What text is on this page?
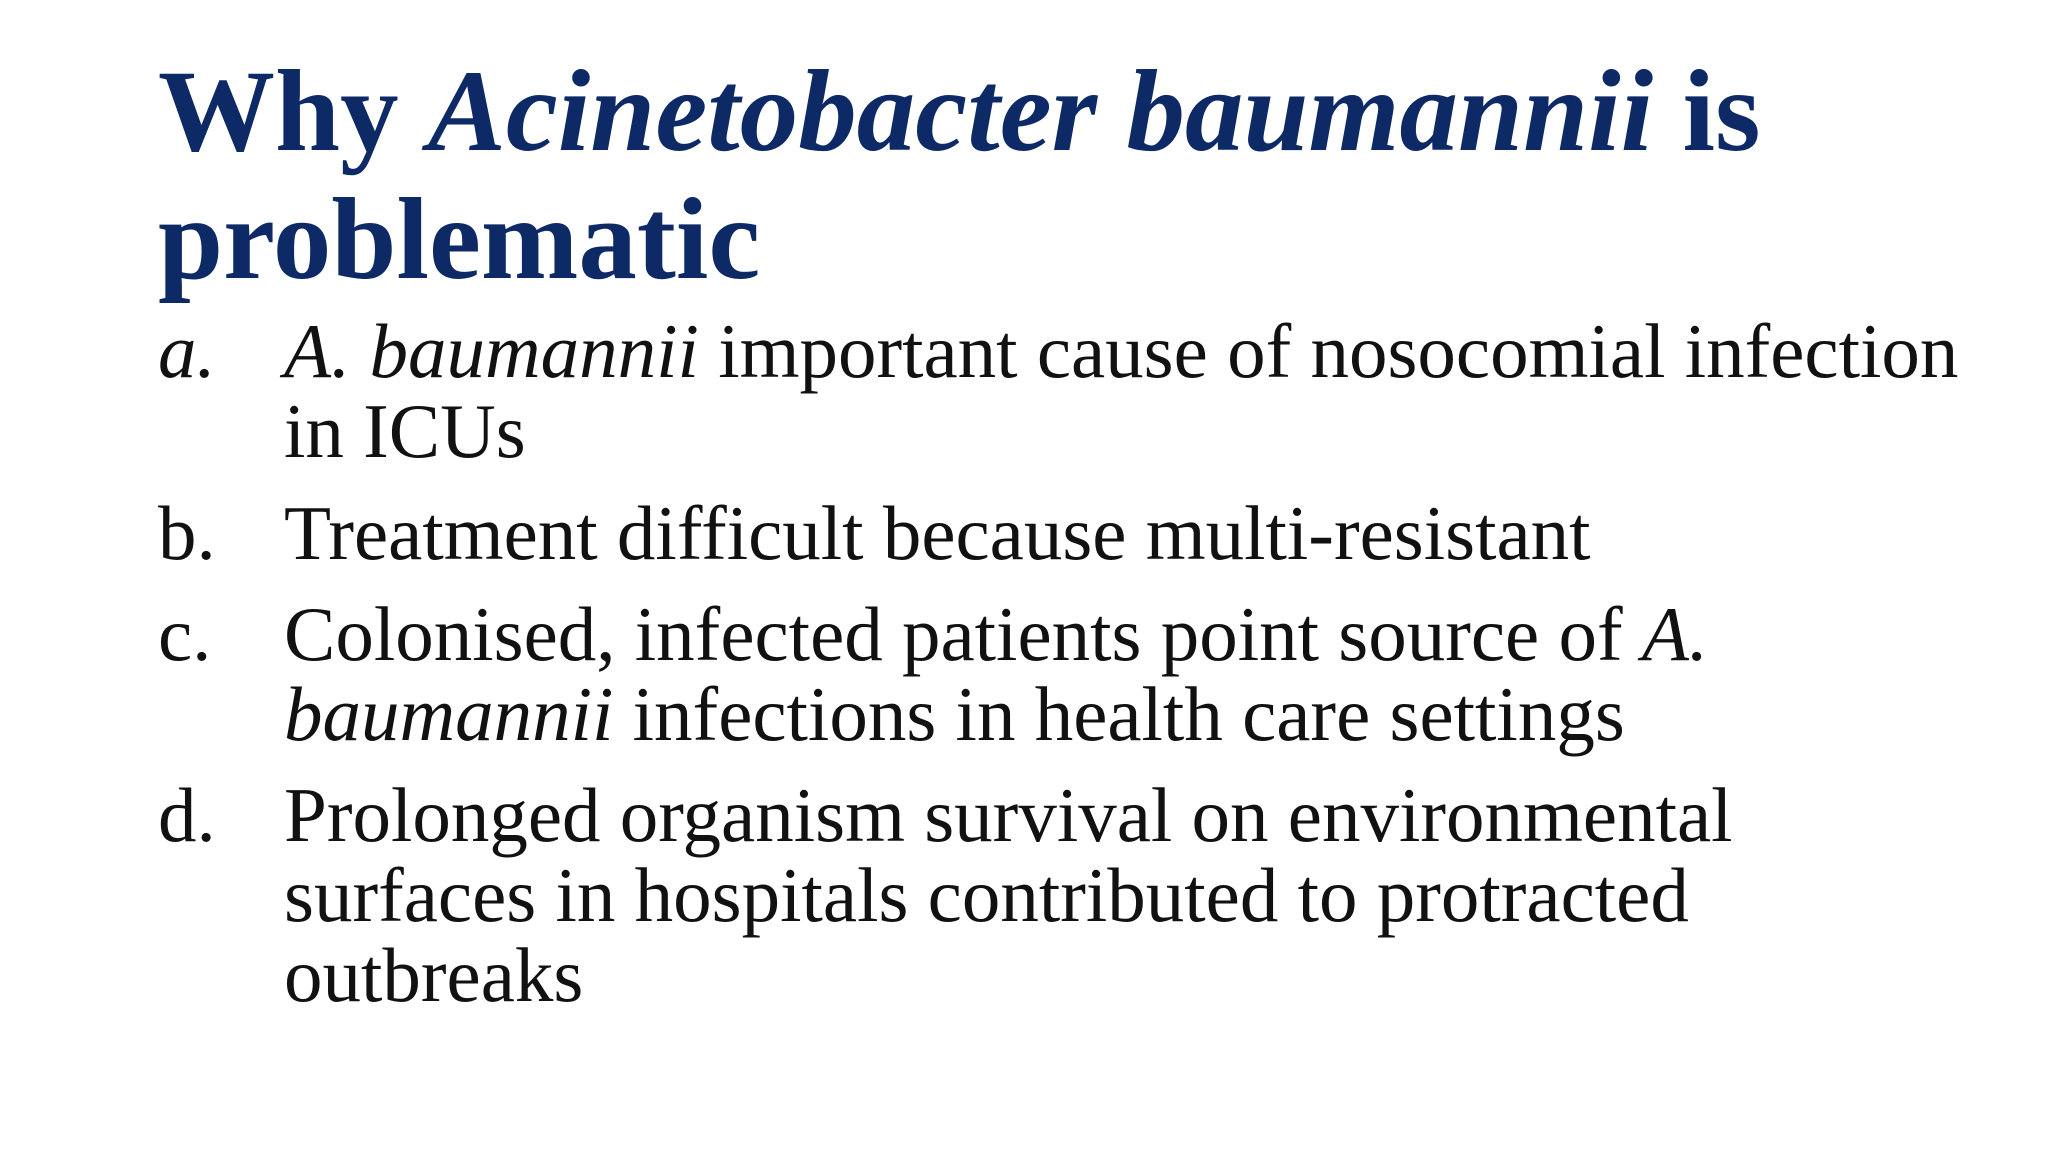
Why Acinetobacter baumannii is problematic
a. A. baumannii important cause of nosocomial infection in ICUs
b. Treatment difficult because multi-resistant
c. Colonised, infected patients point source of A. baumannii infections in health care settings
d. Prolonged organism survival on environmental surfaces in hospitals contributed to protracted outbreaks
